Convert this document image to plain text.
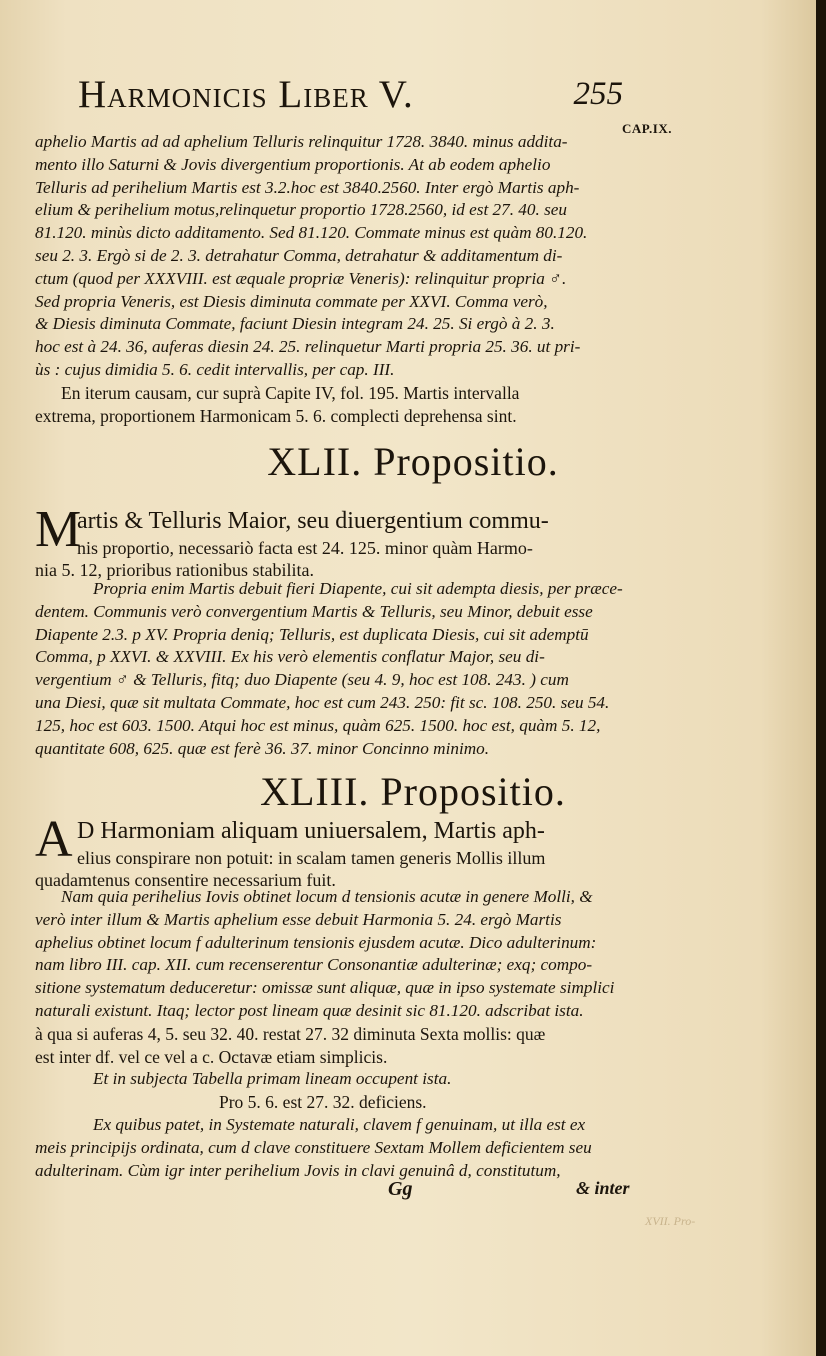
Harmonicis Liber V.	255
CAP.IX.
aphelio Martis ad ad aphelium Telluris relinquitur 1728. 3840. minus addita-
mento illo Saturni & Jovis divergentium proportionis. At ab eodem aphelio
Telluris ad perihelium Martis est 3.2.hoc est 3840.2560. Inter ergò Martis aph-
elium & perihelium motus,relinquetur proportio 1728.2560, id est 27. 40. seu
81.120. minùs dicto additamento. Sed 81.120. Commate minus est quàm 80.120.
seu 2. 3. Ergò si de 2. 3. detrahatur Comma, detrahatur & additamentum di-
ctum (quod per XXXVIII. est æquale propriæ Veneris): relinquitur propria ♂.
Sed propria Veneris, est Diesis diminuta commate per XXVI. Comma verò,
& Diesis diminuta Commate, faciunt Diesin integram 24. 25. Si ergò à 2. 3.
hoc est à 24. 36, auferas diesin 24. 25. relinquetur Marti propria 25. 36. ut pri-
ùs : cujus dimidia 5. 6. cedit intervallis, per cap. III.
En iterum causam, cur suprà Capite IV, fol. 195. Martis intervalla
extrema, proportionem Harmonicam 5. 6. complecti deprehensa sint.
XLII. Propositio.
M
artis & Telluris Maior, seu diuergentium commu-
nis proportio, necessariò facta est 24. 125. minor quàm Harmo-
nia 5. 12, prioribus rationibus stabilita.
Propria enim Martis debuit fieri Diapente, cui sit adempta diesis, per præce-
dentem. Communis verò convergentium Martis & Telluris, seu Minor, debuit esse
Diapente 2.3. p XV. Propria deniq; Telluris, est duplicata Diesis, cui sit ademptū
Comma, p XXVI. & XXVIII. Ex his verò elementis conflatur Major, seu di-
vergentium ♂ & Telluris, fitq; duo Diapente (seu 4. 9, hoc est 108. 243. ) cum
una Diesi, quæ sit multata Commate, hoc est cum 243. 250: fit sc. 108. 250. seu 54.
125, hoc est 603. 1500. Atqui hoc est minus, quàm 625. 1500. hoc est, quàm 5. 12,
quantitate 608, 625. quæ est ferè 36. 37. minor Concinno minimo.
XLIII. Propositio.
A D Harmoniam aliquam uniuersalem, Martis aph-
elius conspirare non potuit: in scalam tamen generis Mollis illum
quadamtenus consentire necessarium fuit.
Nam quia perihelius Iovis obtinet locum d tensionis acutæ in genere Molli, &
verò inter illum & Martis aphelium esse debuit Harmonia 5. 24. ergò Martis
aphelius obtinet locum f adulterinum tensionis ejusdem acutæ. Dico adulterinum:
nam libro III. cap. XII. cum recenserentur Consonantiæ adulterinæ; exq; compo-
sitione systematum deduceretur: omissæ sunt aliquæ, quæ in ipso systemate simplici
naturali existunt. Itaq; lector post lineam quæ desinit sic 81.120. adscribat ista.
à qua si auferas 4, 5. seu 32. 40. restat 27. 32 diminuta Sexta mollis: quæ
est inter df. vel ce vel a c. Octavæ etiam simplicis.
Et in subjecta Tabella primam lineam occupent ista.
Pro 5. 6. est 27. 32. deficiens.
Ex quibus patet, in Systemate naturali, clavem f genuinam, ut illa est ex
meis principijs ordinata, cum d clave constituere Sextam Mollem deficientem seu
adulterinam. Cùm igr inter perihelium Jovis in clavi genuinâ d, constitutum,
Gg	& inter
XVII. Pro-
